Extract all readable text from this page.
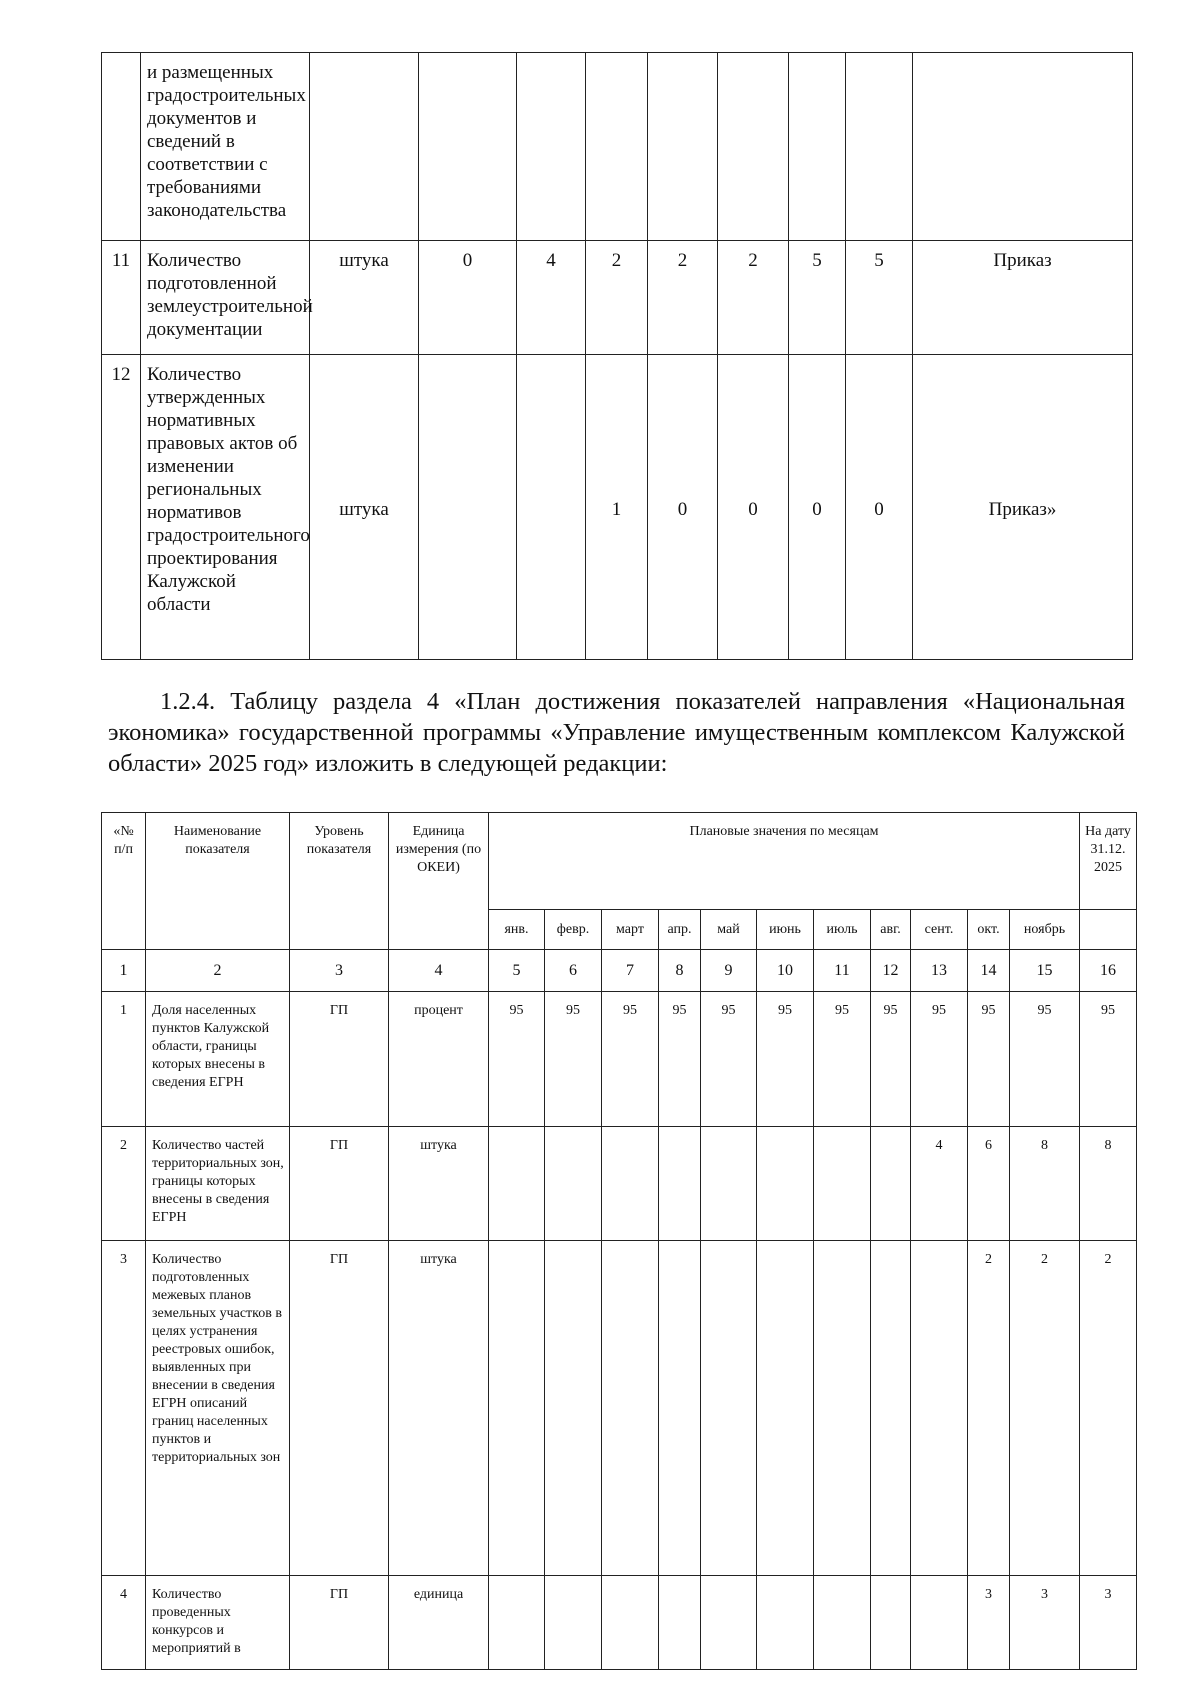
	и размещенных градостроительных документов и сведений в соответствии с требованиями законодательства									
11	Количество подготовленной землеустроительной документации	штука	0	4	2	2	2	5	5	Приказ
12	Количество утвержденных нормативных правовых актов об изменении региональных нормативов градостроительного проектирования Калужской области	штука			1	0	0	0	0	Приказ»

1.2.4. Таблицу раздела 4 «План достижения показателей направления «Национальная экономика» государственной программы «Управление имущественным комплексом Калужской области» 2025 год» изложить в следующей редакции:

«№ п/п	Наименование показателя	Уровень показателя	Единица измерения (по ОКЕИ)	Плановые значения по месяцам											На дату 31.12. 2025
				янв.	февр.	март	апр.	май	июнь	июль	авг.	сент.	окт.	ноябрь	
1	2	3	4	5	6	7	8	9	10	11	12	13	14	15	16
1	Доля населенных пунктов Калужской области, границы которых внесены в сведения ЕГРН	ГП	процент	95	95	95	95	95	95	95	95	95	95	95	95
2	Количество частей территориальных зон, границы которых внесены в сведения ЕГРН	ГП	штука									4	6	8	8
3	Количество подготовленных межевых планов земельных участков в целях устранения реестровых ошибок, выявленных при внесении в сведения ЕГРН описаний границ населенных пунктов и территориальных зон	ГП	штука										2	2	2
4	Количество проведенных конкурсов и мероприятий в	ГП	единица										3	3	3
